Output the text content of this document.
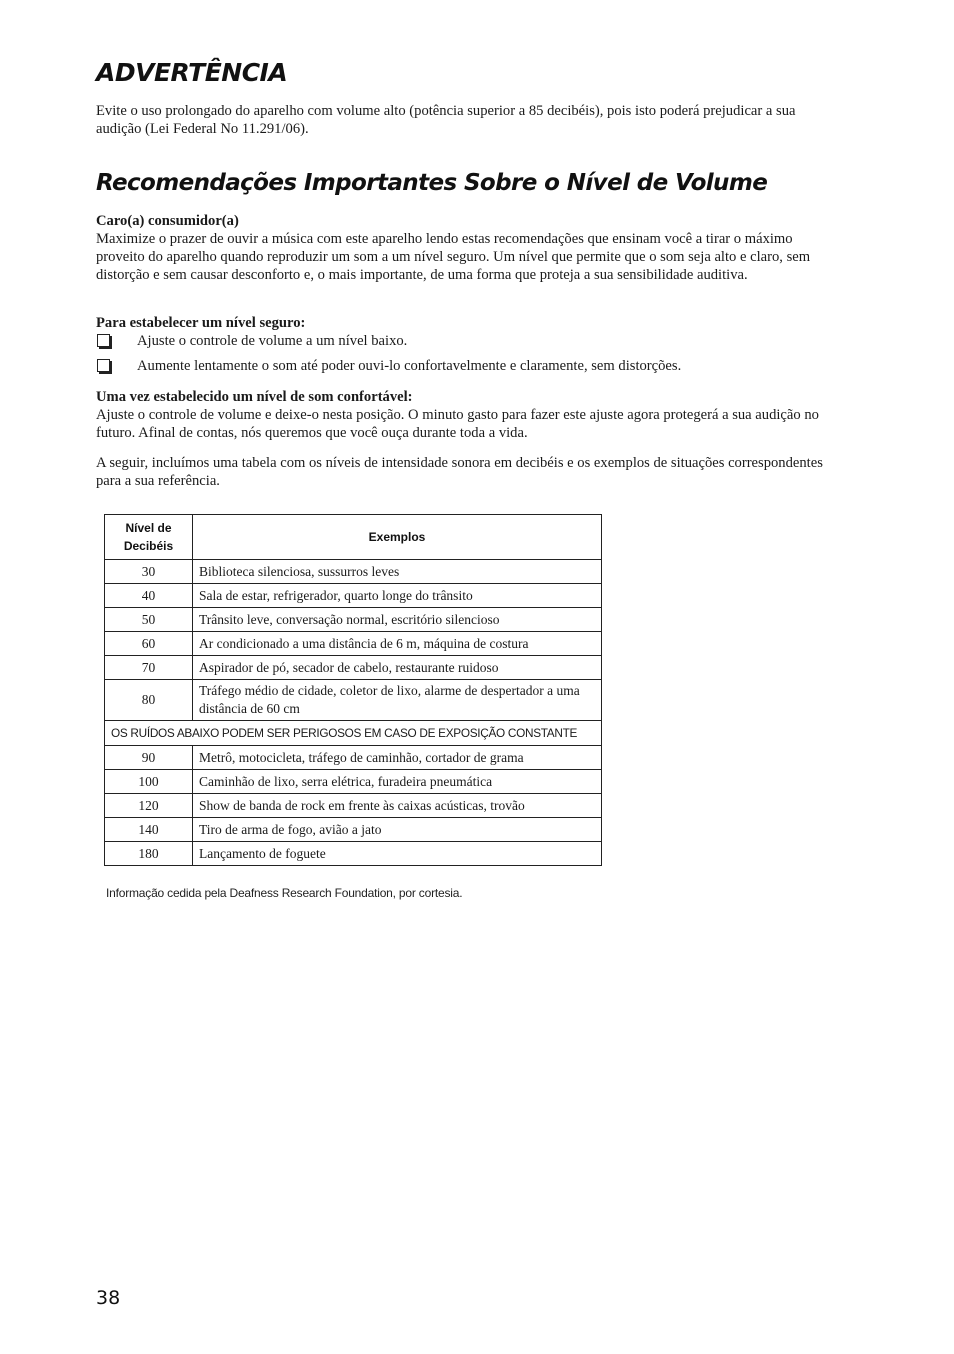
ADVERTÊNCIA

Evite o uso prolongado do aparelho com volume alto (potência superior a 85 decibéis), pois isto poderá prejudicar a sua audição (Lei Federal No 11.291/06).

Recomendações Importantes Sobre o Nível de Volume

Caro(a) consumidor(a)

Maximize o prazer de ouvir a música com este aparelho lendo estas recomendações que ensinam você a tirar o máximo proveito do aparelho quando reproduzir um som a um nível seguro. Um nível que permite que o som seja alto e claro, sem distorção e sem causar desconforto e, o mais importante, de uma forma que proteja a sua sensibilidade auditiva.

Para estabelecer um nível seguro:

Ajuste o controle de volume a um nível baixo.
Aumente lentamente o som até poder ouvi-lo confortavelmente e claramente, sem distorções.

Uma vez estabelecido um nível de som confortável:

Ajuste o controle de volume e deixe-o nesta posição. O minuto gasto para fazer este ajuste agora protegerá a sua audição no futuro. Afinal de contas, nós queremos que você ouça durante toda a vida.

A seguir, incluímos uma tabela com os níveis de intensidade sonora em decibéis e os exemplos de situações correspondentes para a sua referência.

Nível de Decibéis	Exemplos
30	Biblioteca silenciosa, sussurros leves
40	Sala de estar, refrigerador, quarto longe do trânsito
50	Trânsito leve, conversação normal, escritório silencioso
60	Ar condicionado a uma distância de 6 m, máquina de costura
70	Aspirador de pó, secador de cabelo, restaurante ruidoso
80	Tráfego médio de cidade, coletor de lixo, alarme de despertador a uma distância de 60 cm
OS RUÍDOS ABAIXO PODEM SER PERIGOSOS EM CASO DE EXPOSIÇÃO CONSTANTE	
90	Metrô, motocicleta, tráfego de caminhão, cortador de grama
100	Caminhão de lixo, serra elétrica, furadeira pneumática
120	Show de banda de rock em frente às caixas acústicas, trovão
140	Tiro de arma de fogo, avião a jato
180	Lançamento de foguete

Informação cedida pela Deafness Research Foundation, por cortesia.

38
